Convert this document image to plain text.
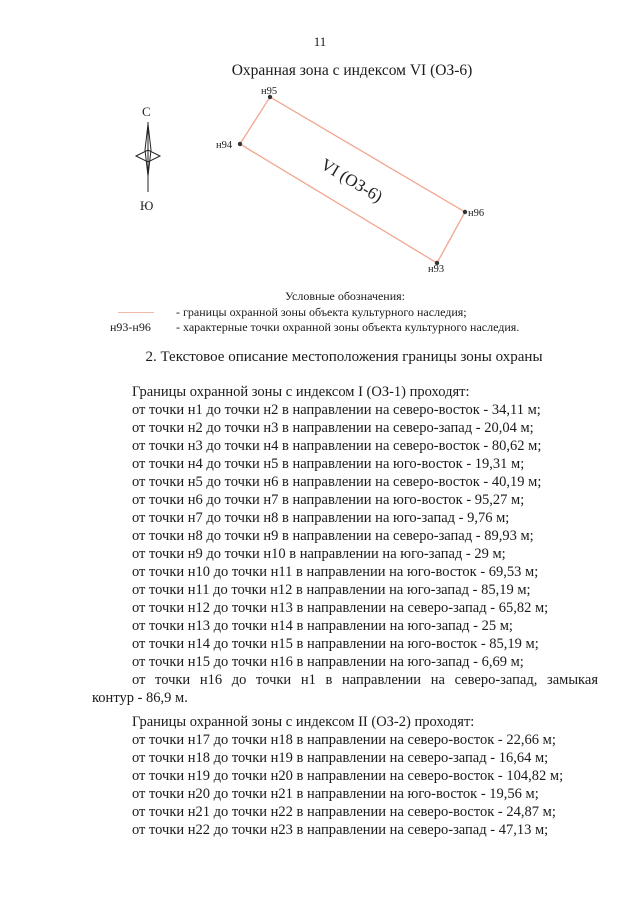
11
Охранная зона с индексом VI (ОЗ-6)
С
Ю
н95
н94
н96
н93
VI (ОЗ-6)
Условные обозначения:
- границы охранной зоны объекта культурного наследия;
н93-н96 - характерные точки охранной зоны объекта культурного наследия.
2. Текстовое описание местоположения границы зоны охраны
Границы охранной зоны с индексом I (ОЗ-1) проходят:
от точки н1 до точки н2 в направлении на северо-восток - 34,11 м;
от точки н2 до точки н3 в направлении на северо-запад - 20,04 м;
от точки н3 до точки н4 в направлении на северо-восток - 80,62 м;
от точки н4 до точки н5 в направлении на юго-восток - 19,31 м;
от точки н5 до точки н6 в направлении на северо-восток - 40,19 м;
от точки н6 до точки н7 в направлении на юго-восток - 95,27 м;
от точки н7 до точки н8 в направлении на юго-запад - 9,76 м;
от точки н8 до точки н9 в направлении на северо-запад - 89,93 м;
от точки н9 до точки н10 в направлении на юго-запад - 29 м;
от точки н10 до точки н11 в направлении на юго-восток - 69,53 м;
от точки н11 до точки н12 в направлении на юго-запад - 85,19 м;
от точки н12 до точки н13 в направлении на северо-запад - 65,82 м;
от точки н13 до точки н14 в направлении на юго-запад - 25 м;
от точки н14 до точки н15 в направлении на юго-восток - 85,19 м;
от точки н15 до точки н16 в направлении на юго-запад - 6,69 м;
от точки н16 до точки н1 в направлении на северо-запад, замыкая
контур - 86,9 м.
Границы охранной зоны с индексом II (ОЗ-2) проходят:
от точки н17 до точки н18 в направлении на северо-восток - 22,66 м;
от точки н18 до точки н19 в направлении на северо-запад - 16,64 м;
от точки н19 до точки н20 в направлении на северо-восток - 104,82 м;
от точки н20 до точки н21 в направлении на юго-восток - 19,56 м;
от точки н21 до точки н22 в направлении на северо-восток - 24,87 м;
от точки н22 до точки н23 в направлении на северо-запад - 47,13 м;
